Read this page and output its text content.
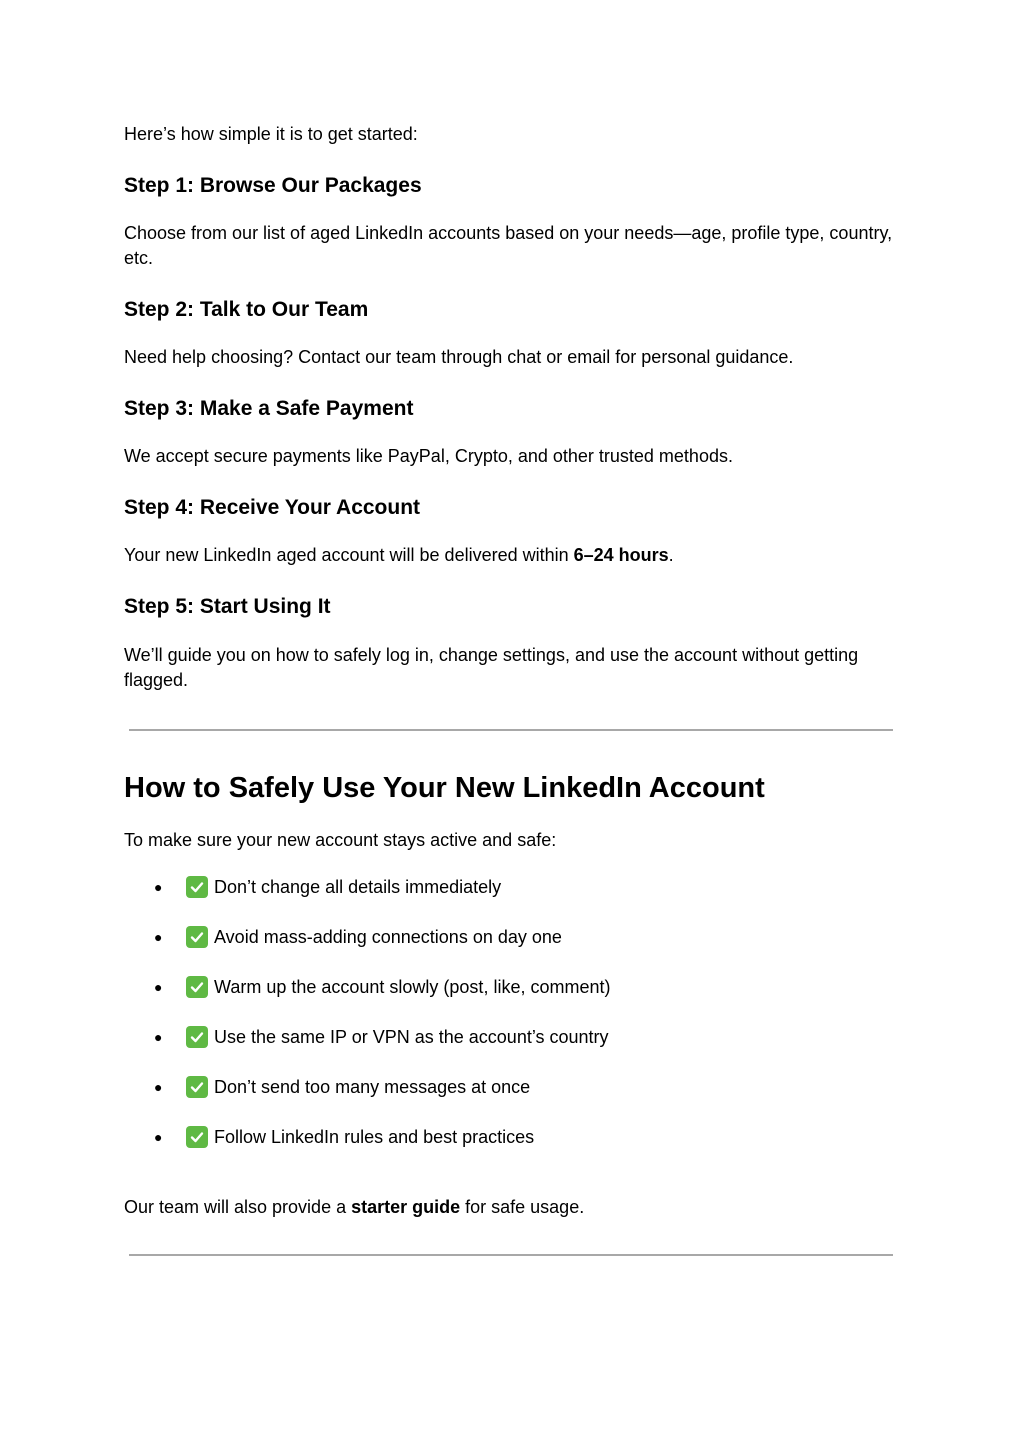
Here’s how simple it is to get started:

Step 1: Browse Our Packages

Choose from our list of aged LinkedIn accounts based on your needs—age, profile type, country, etc.

Step 2: Talk to Our Team

Need help choosing? Contact our team through chat or email for personal guidance.

Step 3: Make a Safe Payment

We accept secure payments like PayPal, Crypto, and other trusted methods.

Step 4: Receive Your Account

Your new LinkedIn aged account will be delivered within 6–24 hours.

Step 5: Start Using It

We’ll guide you on how to safely log in, change settings, and use the account without getting flagged.

How to Safely Use Your New LinkedIn Account

To make sure your new account stays active and safe:

●	Don’t change all details immediately
●	Avoid mass-adding connections on day one
●	Warm up the account slowly (post, like, comment)
●	Use the same IP or VPN as the account’s country
●	Don’t send too many messages at once
●	Follow LinkedIn rules and best practices

Our team will also provide a starter guide for safe usage.
